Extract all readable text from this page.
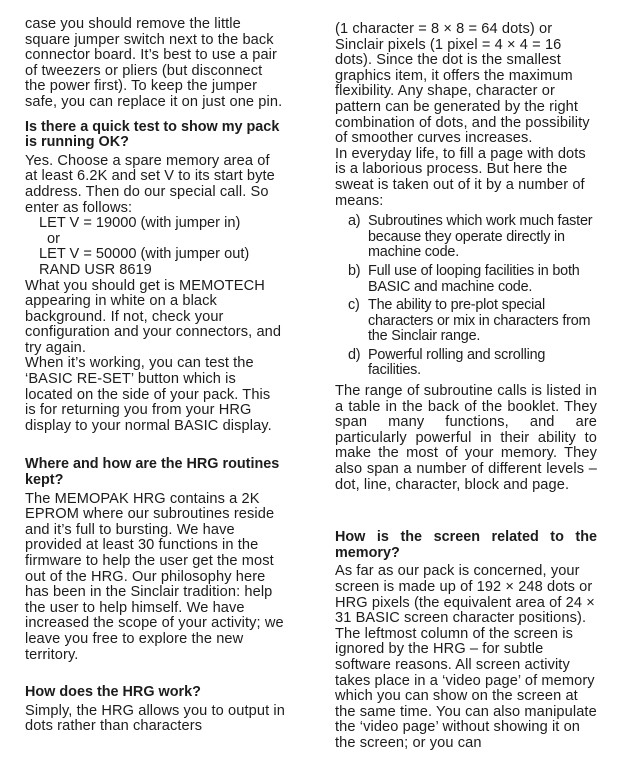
case you should remove the little square jumper switch next to the back connector board. It’s best to use a pair of tweezers or pliers (but disconnect the power first). To keep the jumper safe, you can replace it on just one pin.

Is there a quick test to show my pack is running OK?

Yes. Choose a spare memory area of at least 6.2K and set V to its start byte address. Then do our special call. So enter as follows:

LET V = 19000 (with jumper in)
or
LET V = 50000 (with jumper out)
RAND USR 8619

What you should get is MEMOTECH appearing in white on a black background. If not, check your configuration and your connectors, and try again.

When it’s working, you can test the ‘BASIC RE-SET’ button which is located on the side of your pack. This is for returning you from your HRG display to your normal BASIC display.

Where and how are the HRG routines kept?

The MEMOPAK HRG contains a 2K EPROM where our subroutines reside and it’s full to bursting. We have provided at least 30 functions in the firmware to help the user get the most out of the HRG. Our philosophy here has been in the Sinclair tradition: help the user to help himself. We have increased the scope of your activity; we leave you free to explore the new territory.

How does the HRG work?

Simply, the HRG allows you to output in dots rather than characters

(1 character = 8 × 8 = 64 dots) or Sinclair pixels (1 pixel = 4 × 4 = 16 dots). Since the dot is the smallest graphics item, it offers the maximum flexibility. Any shape, character or pattern can be generated by the right combination of dots, and the possibility of smoother curves increases.

In everyday life, to fill a page with dots is a laborious process. But here the sweat is taken out of it by a number of means:

a) Subroutines which work much faster because they operate directly in machine code.
b) Full use of looping facilities in both BASIC and machine code.
c) The ability to pre-plot special characters or mix in characters from the Sinclair range.
d) Powerful rolling and scrolling facilities.

The range of subroutine calls is listed in a table in the back of the booklet. They span many functions, and are particularly powerful in their ability to make the most of your memory. They also span a number of different levels – dot, line, character, block and page.

How is the screen related to the memory?

As far as our pack is concerned, your screen is made up of 192 × 248 dots or HRG pixels (the equivalent area of 24 × 31 BASIC screen character positions). The leftmost column of the screen is ignored by the HRG – for subtle software reasons. All screen activity takes place in a ‘video page’ of memory which you can show on the screen at the same time. You can also manipulate the ‘video page’ without showing it on the screen; or you can
